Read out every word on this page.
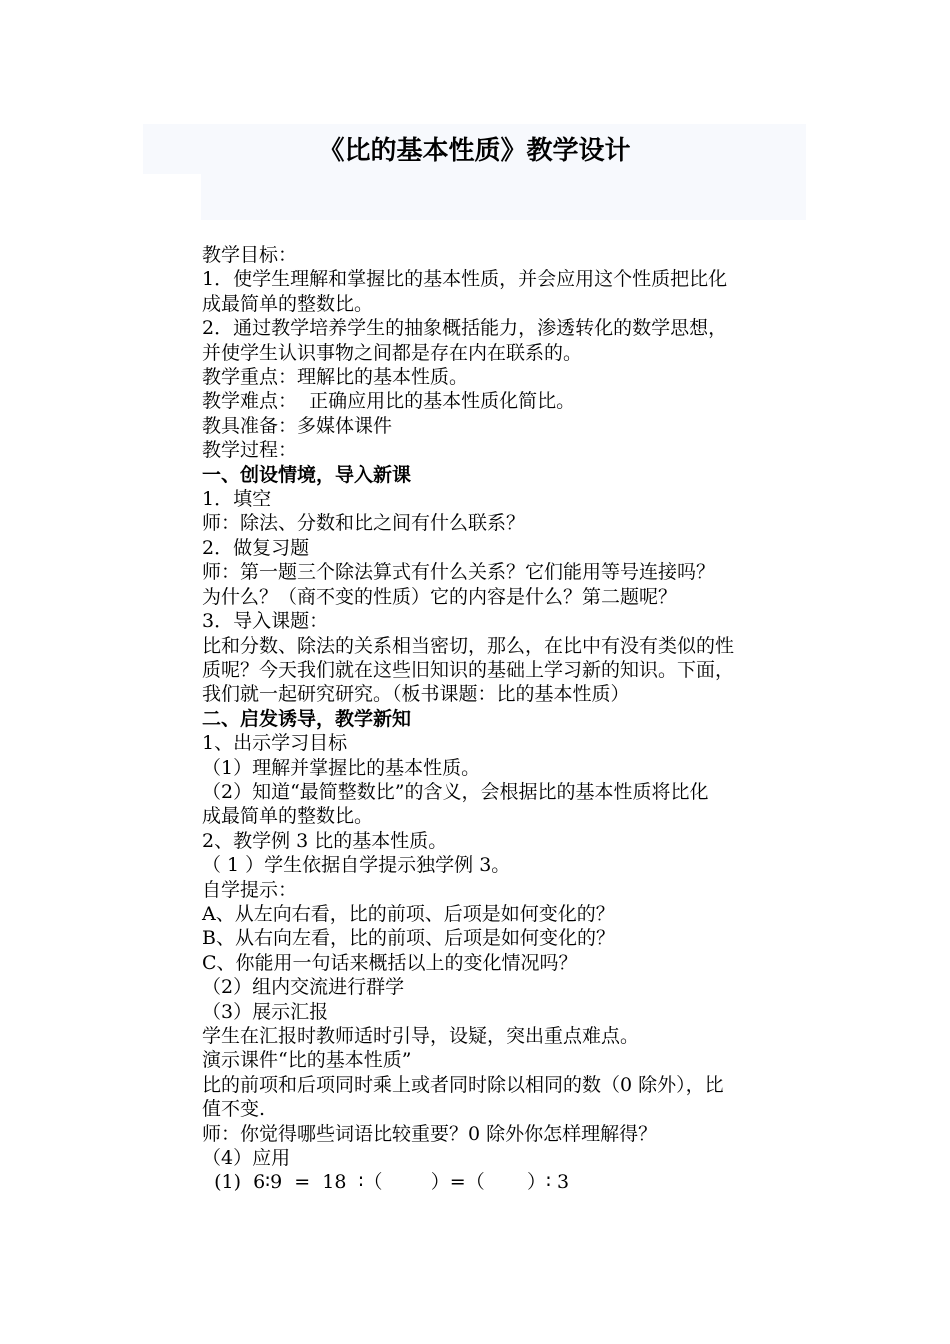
《比的基本性质》教学设计

教学目标：

1．使学生理解和掌握比的基本性质，并会应用这个性质把比化

成最简单的整数比。

2．通过教学培养学生的抽象概括能力，渗透转化的数学思想，

并使学生认识事物之间都是存在内在联系的。

教学重点：理解比的基本性质。

教学难点：  正确应用比的基本性质化简比。

教具准备：多媒体课件

教学过程：

一、创设情境，导入新课

1．填空

师：除法、分数和比之间有什么联系？

2．做复习题

师：第一题三个除法算式有什么关系？它们能用等号连接吗？

为什么？（商不变的性质）它的内容是什么？第二题呢？

3．导入课题：

比和分数、除法的关系相当密切，那么，在比中有没有类似的性

质呢？今天我们就在这些旧知识的基础上学习新的知识。下面，

我们就一起研究研究。（板书课题：比的基本性质）

二、启发诱导，教学新知

1、出示学习目标

（1）理解并掌握比的基本性质。

（2）知道“最简整数比”的含义，会根据比的基本性质将比化

成最简单的整数比。

2、教学例 3 比的基本性质。

（ 1 ）学生依据自学提示独学例 3。

自学提示：

A、从左向右看，比的前项、后项是如何变化的？

B、从右向左看，比的前项、后项是如何变化的？

C、你能用一句话来概括以上的变化情况吗？

（2）组内交流进行群学

（3）展示汇报

学生在汇报时教师适时引导，设疑，突出重点难点。

演示课件“比的基本性质”

比的前项和后项同时乘上或者同时除以相同的数（0 除外），比

值不变.

师：你觉得哪些词语比较重要？0 除外你怎样理解得？

（4）应用

(1)  6∶9  =  18  ∶（        ）=（       ）∶ 3
